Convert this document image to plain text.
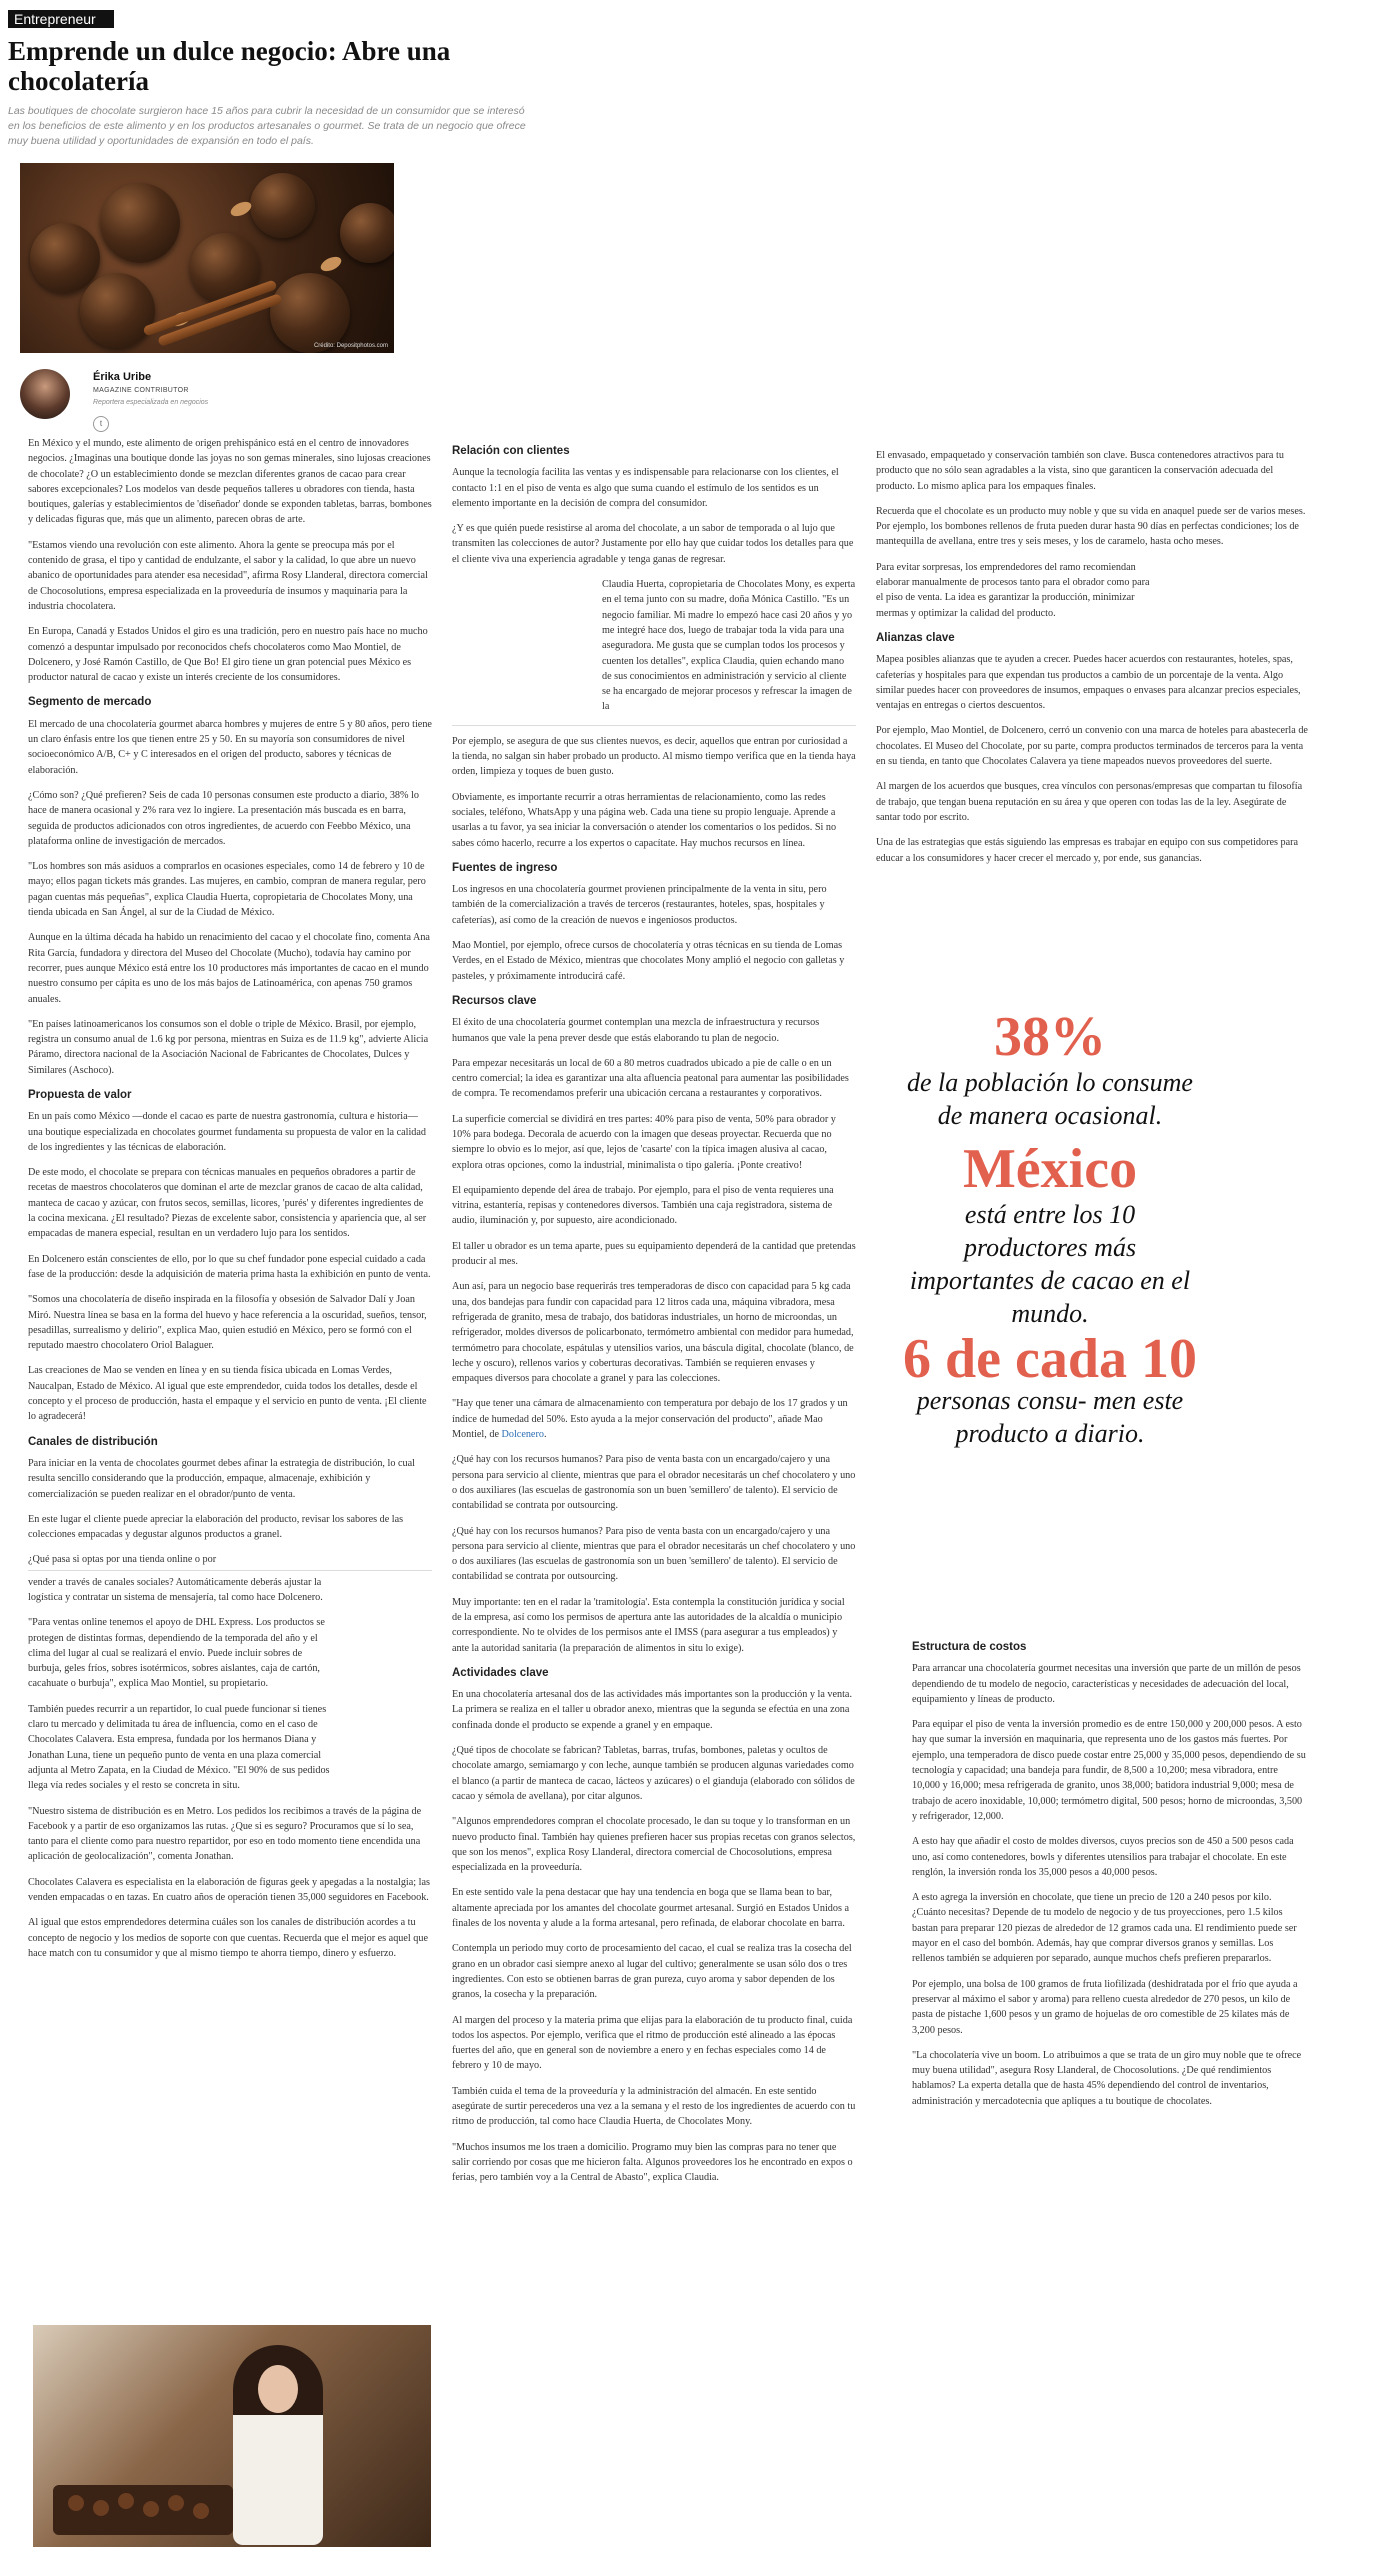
Entrepreneur
Emprende un dulce negocio: Abre una chocolatería

Las boutiques de chocolate surgieron hace 15 años para cubrir la necesidad de un consumidor que se interesó en los beneficios de este alimento y en los productos artesanales o gourmet. Se trata de un negocio que ofrece muy buena utilidad y oportunidades de expansión en todo el país.

Crédito: Depositphotos.com
Érika Uribe
MAGAZINE CONTRIBUTOR
Reportera especializada en negocios
t

En México y el mundo, este alimento de origen prehispánico está en el centro de innovadores negocios. ¿Imaginas una boutique donde las joyas no son gemas minerales, sino lujosas creaciones de chocolate? ¿O un establecimiento donde se mezclan diferentes granos de cacao para crear sabores excepcionales? Los modelos van desde pequeños talleres u obradores con tienda, hasta boutiques, galerías y establecimientos de 'diseñador' donde se exponden tabletas, barras, bombones y delicadas figuras que, más que un alimento, parecen obras de arte.

"Estamos viendo una revolución con este alimento. Ahora la gente se preocupa más por el contenido de grasa, el tipo y cantidad de endulzante, el sabor y la calidad, lo que abre un nuevo abanico de oportunidades para atender esa necesidad", afirma Rosy Llanderal, directora comercial de Chocosolutions, empresa especializada en la proveeduría de insumos y maquinaria para la industria chocolatera.

En Europa, Canadá y Estados Unidos el giro es una tradición, pero en nuestro país hace no mucho comenzó a despuntar impulsado por reconocidos chefs chocolateros como Mao Montiel, de Dolcenero, y José Ramón Castillo, de Que Bo! El giro tiene un gran potencial pues México es productor natural de cacao y existe un interés creciente de los consumidores.

Segmento de mercado

El mercado de una chocolatería gourmet abarca hombres y mujeres de entre 5 y 80 años, pero tiene un claro énfasis entre los que tienen entre 25 y 50. En su mayoría son consumidores de nivel socioeconómico A/B, C+ y C interesados en el origen del producto, sabores y técnicas de elaboración.

¿Cómo son? ¿Qué prefieren? Seis de cada 10 personas consumen este producto a diario, 38% lo hace de manera ocasional y 2% rara vez lo ingiere. La presentación más buscada es en barra, seguida de productos adicionados con otros ingredientes, de acuerdo con Feebbo México, una plataforma online de investigación de mercados.

"Los hombres son más asiduos a comprarlos en ocasiones especiales, como 14 de febrero y 10 de mayo; ellos pagan tickets más grandes. Las mujeres, en cambio, compran de manera regular, pero pagan cuentas más pequeñas", explica Claudia Huerta, copropietaria de Chocolates Mony, una tienda ubicada en San Ángel, al sur de la Ciudad de México.

Aunque en la última década ha habido un renacimiento del cacao y el chocolate fino, comenta Ana Rita García, fundadora y directora del Museo del Chocolate (Mucho), todavía hay camino por recorrer, pues aunque México está entre los 10 productores más importantes de cacao en el mundo nuestro consumo per cápita es uno de los más bajos de Latinoamérica, con apenas 750 gramos anuales.

"En países latinoamericanos los consumos son el doble o triple de México. Brasil, por ejemplo, registra un consumo anual de 1.6 kg por persona, mientras en Suiza es de 11.9 kg", advierte Alicia Páramo, directora nacional de la Asociación Nacional de Fabricantes de Chocolates, Dulces y Similares (Aschoco).

Propuesta de valor

En un país como México —donde el cacao es parte de nuestra gastronomía, cultura e historia— una boutique especializada en chocolates gourmet fundamenta su propuesta de valor en la calidad de los ingredientes y las técnicas de elaboración.

De este modo, el chocolate se prepara con técnicas manuales en pequeños obradores a partir de recetas de maestros chocolateros que dominan el arte de mezclar granos de cacao de alta calidad, manteca de cacao y azúcar, con frutos secos, semillas, licores, 'purés' y diferentes ingredientes de la cocina mexicana. ¿El resultado? Piezas de excelente sabor, consistencia y apariencia que, al ser empacadas de manera especial, resultan en un verdadero lujo para los sentidos.

En Dolcenero están conscientes de ello, por lo que su chef fundador pone especial cuidado a cada fase de la producción: desde la adquisición de materia prima hasta la exhibición en punto de venta.

"Somos una chocolatería de diseño inspirada en la filosofía y obsesión de Salvador Dalí y Joan Miró. Nuestra línea se basa en la forma del huevo y hace referencia a la oscuridad, sueños, tensor, pesadillas, surrealismo y delirio", explica Mao, quien estudió en México, pero se formó con el reputado maestro chocolatero Oriol Balaguer.

Las creaciones de Mao se venden en línea y en su tienda física ubicada en Lomas Verdes, Naucalpan, Estado de México. Al igual que este emprendedor, cuida todos los detalles, desde el concepto y el proceso de producción, hasta el empaque y el servicio en punto de venta. ¡El cliente lo agradecerá!

Canales de distribución

Para iniciar en la venta de chocolates gourmet debes afinar la estrategia de distribución, lo cual resulta sencillo considerando que la producción, empaque, almacenaje, exhibición y comercialización se pueden realizar en el obrador/punto de venta.

En este lugar el cliente puede apreciar la elaboración del producto, revisar los sabores de las colecciones empacadas y degustar algunos productos a granel.

¿Qué pasa si optas por una tienda online o por

vender a través de canales sociales? Automáticamente deberás ajustar la logística y contratar un sistema de mensajería, tal como hace Dolcenero.

"Para ventas online tenemos el apoyo de DHL Express. Los productos se protegen de distintas formas, dependiendo de la temporada del año y el clima del lugar al cual se realizará el envío. Puede incluir sobres de burbuja, geles fríos, sobres isotérmicos, sobres aislantes, caja de cartón, cacahuate o burbuja", explica Mao Montiel, su propietario.

También puedes recurrir a un repartidor, lo cual puede funcionar si tienes claro tu mercado y delimitada tu área de influencia, como en el caso de Chocolates Calavera. Esta empresa, fundada por los hermanos Diana y Jonathan Luna, tiene un pequeño punto de venta en una plaza comercial adjunta al Metro Zapata, en la Ciudad de México. "El 90% de sus pedidos llega vía redes sociales y el resto se concreta in situ.

"Nuestro sistema de distribución es en Metro. Los pedidos los recibimos a través de la página de Facebook y a partir de eso organizamos las rutas. ¿Que si es seguro? Procuramos que sí lo sea, tanto para el cliente como para nuestro repartidor, por eso en todo momento tiene encendida una aplicación de geolocalización", comenta Jonathan.

Chocolates Calavera es especialista en la elaboración de figuras geek y apegadas a la nostalgia; las venden empacadas o en tazas. En cuatro años de operación tienen 35,000 seguidores en Facebook.

Al igual que estos emprendedores determina cuáles son los canales de distribución acordes a tu concepto de negocio y los medios de soporte con que cuentas. Recuerda que el mejor es aquel que hace match con tu consumidor y que al mismo tiempo te ahorra tiempo, dinero y esfuerzo.

Relación con clientes

Aunque la tecnología facilita las ventas y es indispensable para relacionarse con los clientes, el contacto 1:1 en el piso de venta es algo que suma cuando el estímulo de los sentidos es un elemento importante en la decisión de compra del consumidor.

¿Y es que quién puede resistirse al aroma del chocolate, a un sabor de temporada o al lujo que transmiten las colecciones de autor? Justamente por ello hay que cuidar todos los detalles para que el cliente viva una experiencia agradable y tenga ganas de regresar.

Claudia Huerta, copropietaria de Chocolates Mony, es experta en el tema junto con su madre, doña Mónica Castillo. "Es un negocio familiar. Mi madre lo empezó hace casi 20 años y yo me integré hace dos, luego de trabajar toda la vida para una aseguradora. Me gusta que se cumplan todos los procesos y cuenten los detalles", explica Claudia, quien echando mano de sus conocimientos en administración y servicio al cliente se ha encargado de mejorar procesos y refrescar la imagen de la

Por ejemplo, se asegura de que sus clientes nuevos, es decir, aquellos que entran por curiosidad a la tienda, no salgan sin haber probado un producto. Al mismo tiempo verifica que en la tienda haya orden, limpieza y toques de buen gusto.

Obviamente, es importante recurrir a otras herramientas de relacionamiento, como las redes sociales, teléfono, WhatsApp y una página web. Cada una tiene su propio lenguaje. Aprende a usarlas a tu favor, ya sea iniciar la conversación o atender los comentarios o los pedidos. Si no sabes cómo hacerlo, recurre a los expertos o capacítate. Hay muchos recursos en línea.

Fuentes de ingreso

Los ingresos en una chocolatería gourmet provienen principalmente de la venta in situ, pero también de la comercialización a través de terceros (restaurantes, hoteles, spas, hospitales y cafeterías), así como de la creación de nuevos e ingeniosos productos.

Mao Montiel, por ejemplo, ofrece cursos de chocolatería y otras técnicas en su tienda de Lomas Verdes, en el Estado de México, mientras que chocolates Mony amplió el negocio con galletas y pasteles, y próximamente introducirá café.

Recursos clave

El éxito de una chocolatería gourmet contemplan una mezcla de infraestructura y recursos humanos que vale la pena prever desde que estás elaborando tu plan de negocio.

Para empezar necesitarás un local de 60 a 80 metros cuadrados ubicado a pie de calle o en un centro comercial; la idea es garantizar una alta afluencia peatonal para aumentar las posibilidades de compra. Te recomendamos preferir una ubicación cercana a restaurantes y corporativos.

La superficie comercial se dividirá en tres partes: 40% para piso de venta, 50% para obrador y 10% para bodega. Decorala de acuerdo con la imagen que deseas proyectar. Recuerda que no siempre lo obvio es lo mejor, así que, lejos de 'casarte' con la típica imagen alusiva al cacao, explora otras opciones, como la industrial, minimalista o tipo galería. ¡Ponte creativo!

El equipamiento depende del área de trabajo. Por ejemplo, para el piso de venta requieres una vitrina, estantería, repisas y contenedores diversos. También una caja registradora, sistema de audio, iluminación y, por supuesto, aire acondicionado.

El taller u obrador es un tema aparte, pues su equipamiento dependerá de la cantidad que pretendas producir al mes.

Aun así, para un negocio base requerirás tres temperadoras de disco con capacidad para 5 kg cada una, dos bandejas para fundir con capacidad para 12 litros cada una, máquina vibradora, mesa refrigerada de granito, mesa de trabajo, dos batidoras industriales, un horno de microondas, un refrigerador, moldes diversos de policarbonato, termómetro ambiental con medidor para humedad, termómetro para chocolate, espátulas y utensilios varios, una báscula digital, chocolate (blanco, de leche y oscuro), rellenos varios y coberturas decorativas. También se requieren envases y empaques diversos para chocolate a granel y para las colecciones.

"Hay que tener una cámara de almacenamiento con temperatura por debajo de los 17 grados y un índice de humedad del 50%. Esto ayuda a la mejor conservación del producto", añade Mao Montiel, de Dolcenero.

¿Qué hay con los recursos humanos? Para piso de venta basta con un encargado/cajero y una persona para servicio al cliente, mientras que para el obrador necesitarás un chef chocolatero y uno o dos auxiliares (las escuelas de gastronomía son un buen 'semillero' de talento). El servicio de contabilidad se contrata por outsourcing.

¿Qué hay con los recursos humanos? Para piso de venta basta con un encargado/cajero y una persona para servicio al cliente, mientras que para el obrador necesitarás un chef chocolatero y uno o dos auxiliares (las escuelas de gastronomía son un buen 'semillero' de talento). El servicio de contabilidad se contrata por outsourcing.

Muy importante: ten en el radar la 'tramitología'. Esta contempla la constitución jurídica y social de la empresa, así como los permisos de apertura ante las autoridades de la alcaldía o municipio correspondiente. No te olvides de los permisos ante el IMSS (para asegurar a tus empleados) y ante la autoridad sanitaria (la preparación de alimentos in situ lo exige).

Actividades clave

En una chocolatería artesanal dos de las actividades más importantes son la producción y la venta. La primera se realiza en el taller u obrador anexo, mientras que la segunda se efectúa en una zona confinada donde el producto se expende a granel y en empaque.

¿Qué tipos de chocolate se fabrican? Tabletas, barras, trufas, bombones, paletas y ocultos de chocolate amargo, semiamargo y con leche, aunque también se producen algunas variedades como el blanco (a partir de manteca de cacao, lácteos y azúcares) o el gianduja (elaborado con sólidos de cacao y sémola de avellana), por citar algunos.

"Algunos emprendedores compran el chocolate procesado, le dan su toque y lo transforman en un nuevo producto final. También hay quienes prefieren hacer sus propias recetas con granos selectos, que son los menos", explica Rosy Llanderal, directora comercial de Chocosolutions, empresa especializada en la proveeduría.

En este sentido vale la pena destacar que hay una tendencia en boga que se llama bean to bar, altamente apreciada por los amantes del chocolate gourmet artesanal. Surgió en Estados Unidos a finales de los noventa y alude a la forma artesanal, pero refinada, de elaborar chocolate en barra.

Contempla un periodo muy corto de procesamiento del cacao, el cual se realiza tras la cosecha del grano en un obrador casi siempre anexo al lugar del cultivo; generalmente se usan sólo dos o tres ingredientes. Con esto se obtienen barras de gran pureza, cuyo aroma y sabor dependen de los granos, la cosecha y la preparación.

Al margen del proceso y la materia prima que elijas para la elaboración de tu producto final, cuida todos los aspectos. Por ejemplo, verifica que el ritmo de producción esté alineado a las épocas fuertes del año, que en general son de noviembre a enero y en fechas especiales como 14 de febrero y 10 de mayo.

También cuida el tema de la proveeduría y la administración del almacén. En este sentido asegúrate de surtir perecederos una vez a la semana y el resto de los ingredientes de acuerdo con tu ritmo de producción, tal como hace Claudia Huerta, de Chocolates Mony.

"Muchos insumos me los traen a domicilio. Programo muy bien las compras para no tener que salir corriendo por cosas que me hicieron falta. Algunos proveedores los he encontrado en expos o ferias, pero también voy a la Central de Abasto", explica Claudia.

El envasado, empaquetado y conservación también son clave. Busca contenedores atractivos para tu producto que no sólo sean agradables a la vista, sino que garanticen la conservación adecuada del producto. Lo mismo aplica para los empaques finales.

Recuerda que el chocolate es un producto muy noble y que su vida en anaquel puede ser de varios meses. Por ejemplo, los bombones rellenos de fruta pueden durar hasta 90 días en perfectas condiciones; los de mantequilla de avellana, entre tres y seis meses, y los de caramelo, hasta ocho meses.

Para evitar sorpresas, los emprendedores del ramo recomiendan elaborar manualmente de procesos tanto para el obrador como para el piso de venta. La idea es garantizar la producción, minimizar mermas y optimizar la calidad del producto.

Alianzas clave

Mapea posibles alianzas que te ayuden a crecer. Puedes hacer acuerdos con restaurantes, hoteles, spas, cafeterías y hospitales para que expendan tus productos a cambio de un porcentaje de la venta. Algo similar puedes hacer con proveedores de insumos, empaques o envases para alcanzar precios especiales, ventajas en entregas o ciertos descuentos.

Por ejemplo, Mao Montiel, de Dolcenero, cerró un convenio con una marca de hoteles para abastecerla de chocolates. El Museo del Chocolate, por su parte, compra productos terminados de terceros para la venta en su tienda, en tanto que Chocolates Calavera ya tiene mapeados nuevos proveedores del suerte.

Al margen de los acuerdos que busques, crea vínculos con personas/empresas que compartan tu filosofía de trabajo, que tengan buena reputación en su área y que operen con todas las de la ley. Asegúrate de santar todo por escrito.

Una de las estrategias que estás siguiendo las empresas es trabajar en equipo con sus competidores para educar a los consumidores y hacer crecer el mercado y, por ende, sus ganancias.

38%
de la población lo consume de manera ocasional.
México
está entre los 10 productores más importantes de cacao en el mundo.
6 de cada 10
personas consu- men este producto a diario.
Estructura de costos

Para arrancar una chocolatería gourmet necesitas una inversión que parte de un millón de pesos dependiendo de tu modelo de negocio, características y necesidades de adecuación del local, equipamiento y líneas de producto.

Para equipar el piso de venta la inversión promedio es de entre 150,000 y 200,000 pesos. A esto hay que sumar la inversión en maquinaria, que representa uno de los gastos más fuertes. Por ejemplo, una temperadora de disco puede costar entre 25,000 y 35,000 pesos, dependiendo de su tecnología y capacidad; una bandeja para fundir, de 8,500 a 10,200; mesa vibradora, entre 10,000 y 16,000; mesa refrigerada de granito, unos 38,000; batidora industrial 9,000; mesa de trabajo de acero inoxidable, 10,000; termómetro digital, 500 pesos; horno de microondas, 3,500 y refrigerador, 12,000.

A esto hay que añadir el costo de moldes diversos, cuyos precios son de 450 a 500 pesos cada uno, así como contenedores, bowls y diferentes utensilios para trabajar el chocolate. En este renglón, la inversión ronda los 35,000 pesos a 40,000 pesos.

A esto agrega la inversión en chocolate, que tiene un precio de 120 a 240 pesos por kilo. ¿Cuánto necesitas? Depende de tu modelo de negocio y de tus proyecciones, pero 1.5 kilos bastan para preparar 120 piezas de alrededor de 12 gramos cada una. El rendimiento puede ser mayor en el caso del bombón. Además, hay que comprar diversos granos y semillas. Los rellenos también se adquieren por separado, aunque muchos chefs prefieren prepararlos.

Por ejemplo, una bolsa de 100 gramos de fruta liofilizada (deshidratada por el frío que ayuda a preservar al máximo el sabor y aroma) para relleno cuesta alrededor de 270 pesos, un kilo de pasta de pistache 1,600 pesos y un gramo de hojuelas de oro comestible de 25 kilates más de 3,200 pesos.

"La chocolatería vive un boom. Lo atribuimos a que se trata de un giro muy noble que te ofrece muy buena utilidad", asegura Rosy Llanderal, de Chocosolutions. ¿De qué rendimientos hablamos? La experta detalla que de hasta 45% dependiendo del control de inventarios, administración y mercadotecnia que apliques a tu boutique de chocolates.
